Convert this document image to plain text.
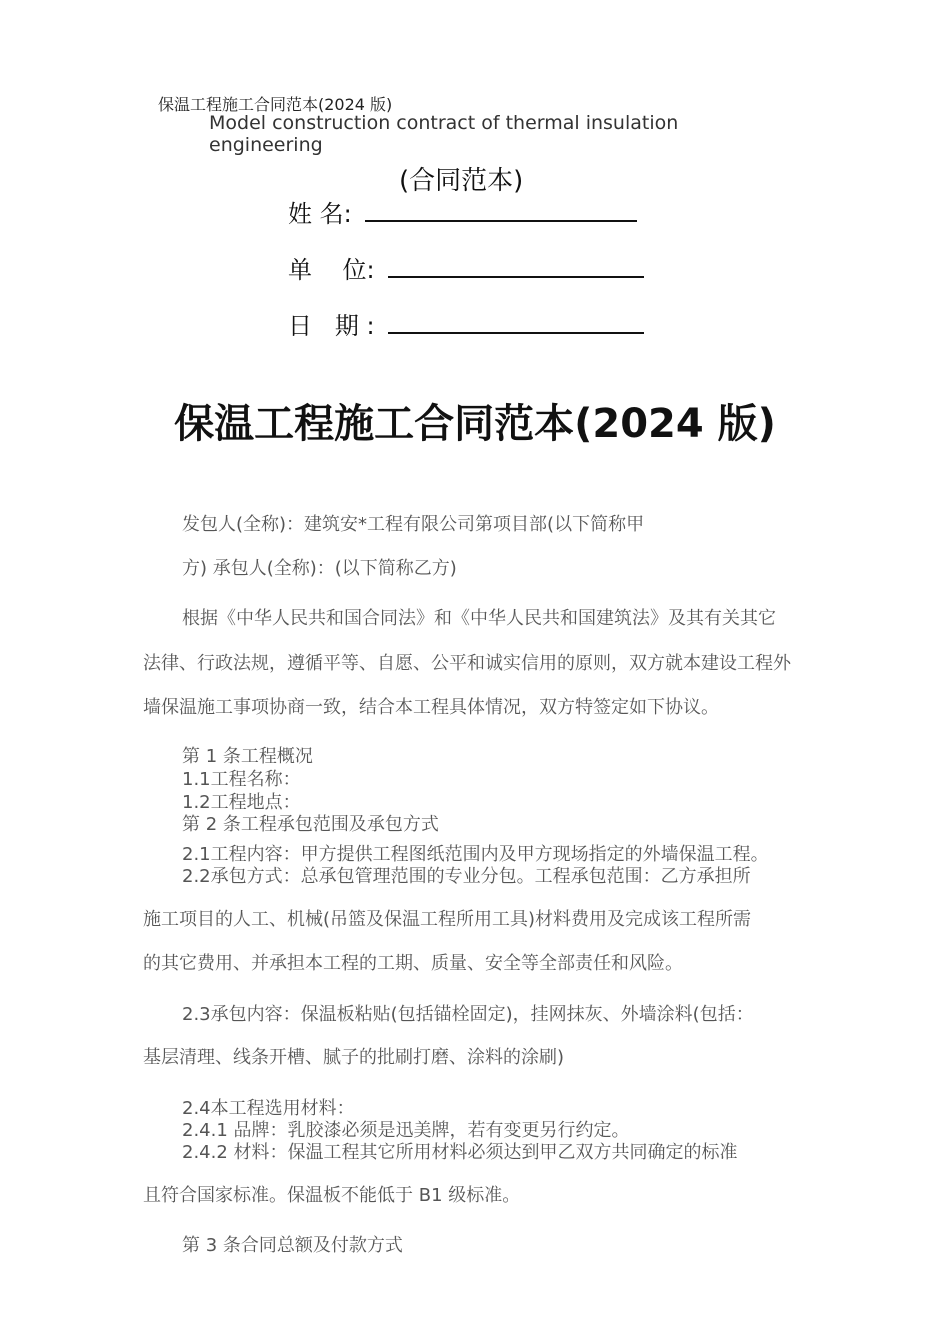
保温工程施工合同范本(2024 版)
Model construction contract of thermal insulation engineering
(合同范本)
姓 名:
单    位:
日   期 :
保温工程施工合同范本(2024 版)
发包人(全称)：建筑安*工程有限公司第项目部(以下简称甲
方) 承包人(全称)：(以下简称乙方)
根据《中华人民共和国合同法》和《中华人民共和国建筑法》及其有关其它
法律、行政法规，遵循平等、自愿、公平和诚实信用的原则，双方就本建设工程外
墙保温施工事项协商一致，结合本工程具体情况，双方特签定如下协议。
第 1 条工程概况
1.1工程名称：
1.2工程地点：
第 2 条工程承包范围及承包方式
2.1工程内容：甲方提供工程图纸范围内及甲方现场指定的外墙保温工程。
2.2承包方式：总承包管理范围的专业分包。工程承包范围：乙方承担所
施工项目的人工、机械(吊篮及保温工程所用工具)材料费用及完成该工程所需
的其它费用、并承担本工程的工期、质量、安全等全部责任和风险。
2.3承包内容：保温板粘贴(包括锚栓固定)，挂网抹灰、外墙涂料(包括：
基层清理、线条开槽、腻子的批刷打磨、涂料的涂刷)
2.4本工程选用材料：
2.4.1 品牌：乳胶漆必须是迅美牌，若有变更另行约定。
2.4.2 材料：保温工程其它所用材料必须达到甲乙双方共同确定的标准
且符合国家标准。保温板不能低于 B1 级标准。
第 3 条合同总额及付款方式
